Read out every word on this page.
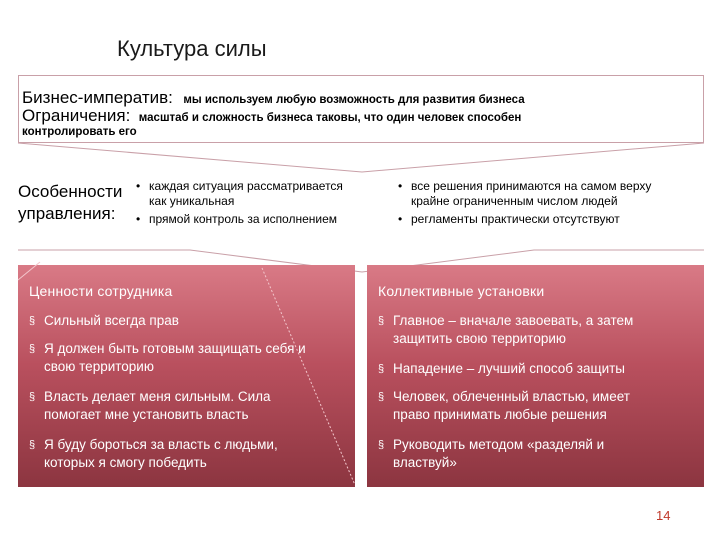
Культура силы
Бизнес-императив: мы используем любую возможность для развития бизнеса
Ограничения: масштаб и сложность бизнеса таковы, что один человек способен
контролировать его
Особенности
управления:
• каждая ситуация рассматривается
как уникальная
• прямой контроль за исполнением
• все решения принимаются на самом верху
крайне ограниченным числом людей
• регламенты практически отсутствуют
Ценности сотрудника
§ Сильный всегда прав
§ Я должен быть готовым защищать себя и
свою территорию
§ Власть делает меня сильным. Сила
помогает мне установить власть
§ Я буду бороться за власть с людьми,
которых я смогу победить
Коллективные установки
§ Главное – вначале завоевать, а затем
защитить свою территорию
§ Нападение – лучший способ защиты
§ Человек, облеченный властью, имеет
право принимать любые решения
§ Руководить методом «разделяй и
властвуй»
14
